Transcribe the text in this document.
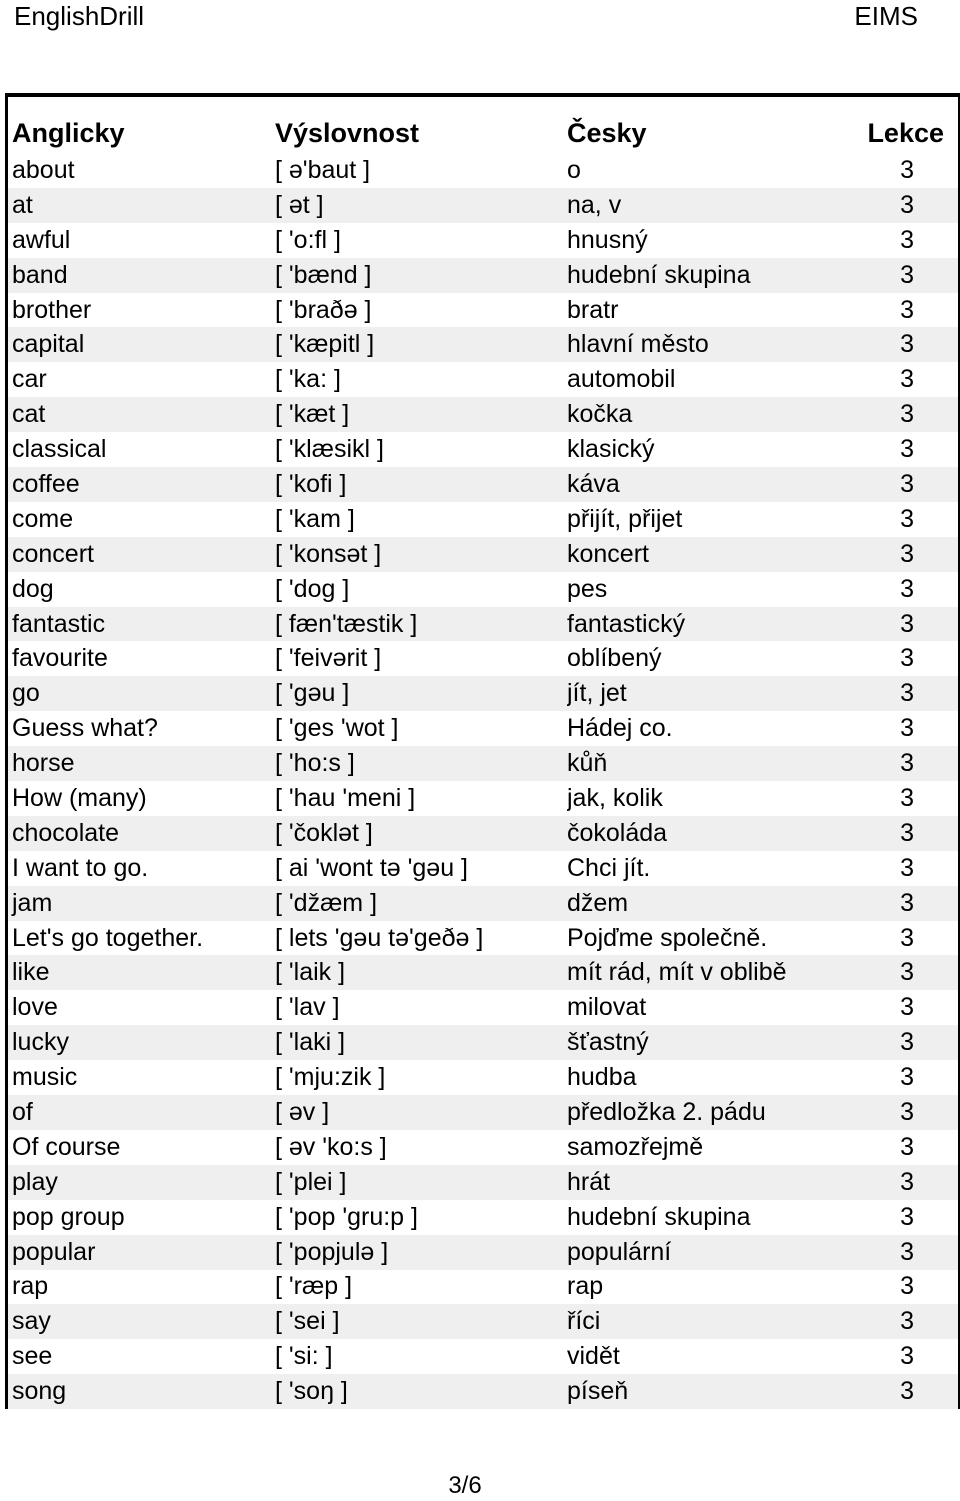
EnglishDrill	EIMS
Anglicky	Výslovnost	Česky	Lekce
about	[ ə'baut ]	o	3
at	[ ət ]	na, v	3
awful	[ 'o:fl ]	hnusný	3
band	[ 'bænd ]	hudební skupina	3
brother	[ 'braðə ]	bratr	3
capital	[ 'kæpitl ]	hlavní město	3
car	[ 'ka: ]	automobil	3
cat	[ 'kæt ]	kočka	3
classical	[ 'klæsikl ]	klasický	3
coffee	[ 'kofi ]	káva	3
come	[ 'kam ]	přijít, přijet	3
concert	[ 'konsət ]	koncert	3
dog	[ 'dog ]	pes	3
fantastic	[ fæn'tæstik ]	fantastický	3
favourite	[ 'feivərit ]	oblíbený	3
go	[ 'gəu ]	jít, jet	3
Guess what?	[ 'ges 'wot ]	Hádej co.	3
horse	[ 'ho:s ]	kůň	3
How (many)	[ 'hau 'meni ]	jak, kolik	3
chocolate	[ 'čoklət ]	čokoláda	3
I want to go.	[ ai 'wont tə 'gəu ]	Chci jít.	3
jam	[ 'džæm ]	džem	3
Let's go together.	[ lets 'gəu tə'geðə ]	Pojďme společně.	3
like	[ 'laik ]	mít rád, mít v oblibě	3
love	[ 'lav ]	milovat	3
lucky	[ 'laki ]	šťastný	3
music	[ 'mju:zik ]	hudba	3
of	[ əv ]	předložka 2. pádu	3
Of course	[ əv 'ko:s ]	samozřejmě	3
play	[ 'plei ]	hrát	3
pop group	[ 'pop 'gru:p ]	hudební skupina	3
popular	[ 'popjulə ]	populární	3
rap	[ 'ræp ]	rap	3
say	[ 'sei ]	říci	3
see	[ 'si: ]	vidět	3
song	[ 'soŋ ]	píseň	3
3/6
